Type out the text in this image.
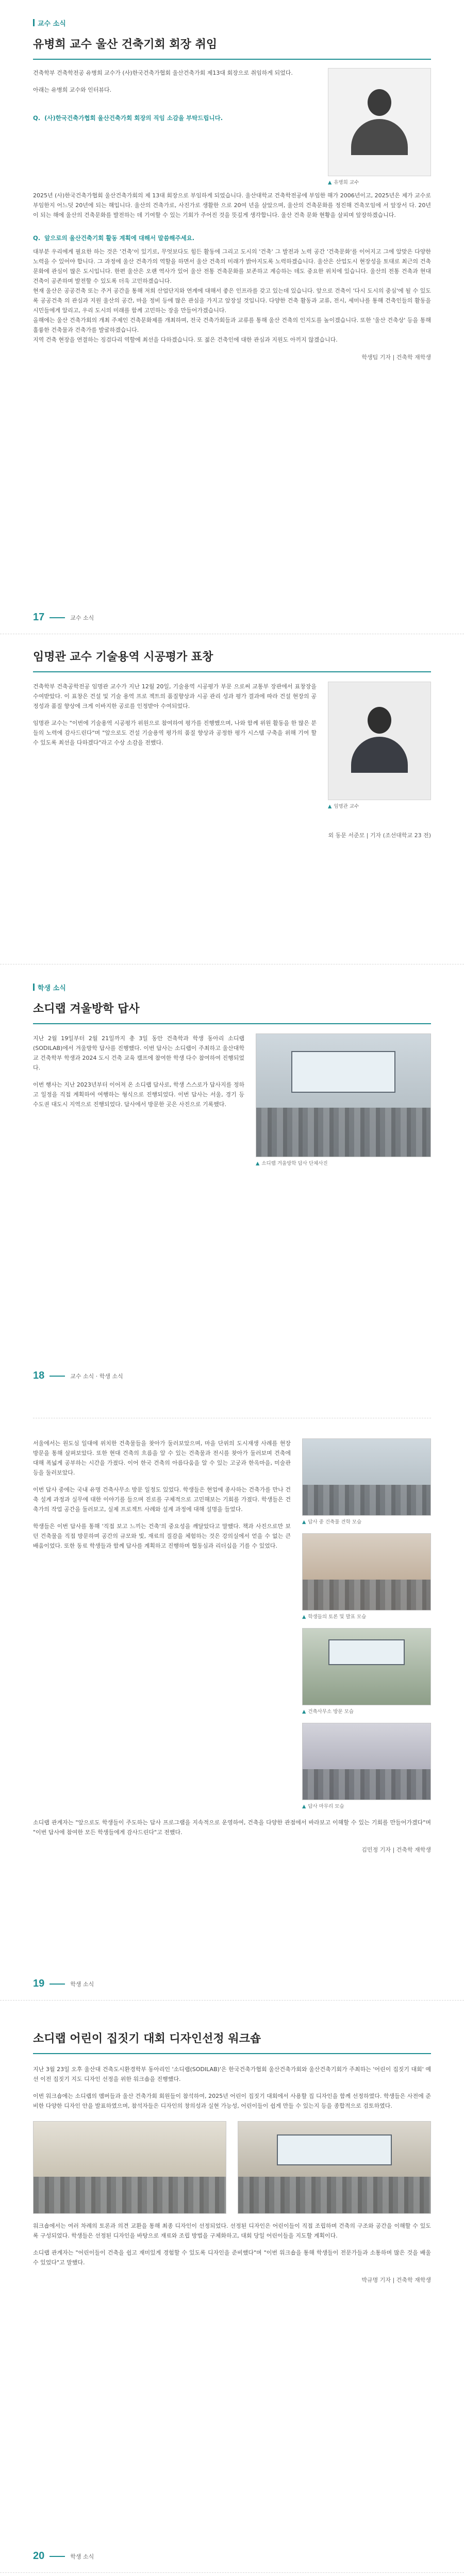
교수 소식
유병희 교수 울산 건축기회 회장 취임
건축학부 건축학전공 유병희 교수가 (사)한국건축가협회 울산건축가회 제13대 회장으로 취임하게 되었다.
아래는 유병희 교수와 인터뷰다.
Q. (사)한국건축가협회 울산건축가회 회장의 직임 소감을 부탁드립니다.
▲ 유병희 교수
2025년 (사)한국건축가협회 울산건축가회의 제 13대 회장으로 부임하게 되었습니다. 울산대학교 건축학전공에 부임한 해가 2006년이고, 2025년은 제가 교수로 부임한지 어느덧 20년에 되는 해입니다. 울산의 건축가로, 사진가로 생활한 으로 20여 년을 살았으며, 울산의 건축문화를 정진해 건축모임에 서 앞장서 다. 20년이 되는 해에 울산의 건축문화를 발전하는 데 기여할 수 있는 기회가 주어진 것을 뜻깊게 생각합니다. 울산 건축 문화 현황을 살피며 앞장하겠습니다.
Q. 앞으로의 울산건축기회 활동 계획에 대해서 말씀해주세요.
대부분 우리에게 필요한 하는 것은 '건축'이 있기로, 무엇보다도 힘든 활동에 그리고 도시의 '건축' 그 발전과 노력 공간 '건축문화'를 이어지고 그에 알맞은 다양한 노력을 수 있어야 합니다. 그 과정에 울산 건축가의 역할을 하면서 울산 건축의 미래가 밝아지도록 노력하겠습니다. 울산은 산업도시 현장성을 토대로 최근의 건축문화에 관심이 많은 도시입니다. 한편 울산은 오랜 역사가 있어 울산 전통 건축문화를 보존하고 계승하는 데도 중요한 위치에 있습니다. 울산의 전통 건축과 현대 건축이 공존하며 발전할 수 있도록 더욱 고민하겠습니다.
현재 울산은 공공건축 또는 주거 공간을 통해 저희 산업단지와 연계에 대해서 좋은 인프라를 갖고 있는데 있습니다. 앞으로 건축이 '다시 도시의 중심'에 될 수 있도록 공공건축 의 관심과 지원 울산의 공간, 마을 정비 등에 많은 관심을 가지고 앞장설 것입니다. 다양한 건축 활동과 교류, 전시, 세미나를 통해 건축인들의 활동을 시민들에게 알리고, 우리 도시의 미래를 함께 고민하는 장을 만들어가겠습니다.
올해에는 울산 건축가회의 개최 주제인 건축문화제를 개최하며, 전국 건축가회들과 교류를 통해 울산 건축의 인지도를 높이겠습니다. 또한 '울산 건축상' 등을 통해 훌륭한 건축물과 건축가를 발굴하겠습니다.
지역 건축 현장을 연결하는 징검다리 역할에 최선을 다하겠습니다. 또 젊은 건축인에 대한 관심과 지원도 아끼지 않겠습니다.
학생팀 기자 | 건축학 재학생
17	교수 소식
임명관 교수 기술용역 시공평가 표창
건축학부 건축공학전공 임명관 교수가 지난 12월 20일, 기술용역 시공평가 부문 으로써 교통부 장관에서 표창장을 수여받았다. 이 표창은 건설 및 기술 용역 프로 젝트의 품질향상과 시공 관리 성과 평가 결과에 따라 건설 현장의 공정성과 품질 향상에 크게 이바지한 공로를 인정받아 수여되었다.
임명관 교수는 "이번에 기술용역 시공평가 위원으로 참여하여 평가를 진행했으며, 나와 함께 위원 활동을 한 많은 분들의 노력에 감사드린다"며 "앞으로도 건설 기술용역 평가의 품질 향상과 공정한 평가 시스템 구축을 위해 기여 할 수 있도록 최선을 다하겠다"라고 수상 소감을 전했다.
▲ 임명관 교수
외 동문 서준모 | 기자 (조선대학교 23 전)
학생 소식
소디랩 겨울방학 답사
지난 2월 19일부터 2월 21일까지 총 3일 동안 건축학과 학생 동아리 소디랩(SODILAB)에서 겨울방학 답사를 진행했다. 이번 답사는 소디랩이 주최하고 울산대학교 건축학부 학생과 2024 도시 건축 교육 캠프에 참여한 학생 다수 참여하여 진행되었다.
이번 행사는 지난 2023년부터 이어져 온 소디랩 답사로, 학생 스스로가 답사지를 정하고 일정을 직접 계획하여 여행하는 형식으로 진행되었다. 이번 답사는 서울, 경기 등 수도권 대도시 지역으로 진행되었다. 답사에서 방문한 곳은 사진으로 기록했다.
▲ 소디랩 겨울방학 답사 단체사진
18	교수 소식 · 학생 소식
서울에서는 원도심 일대에 위치한 건축물들을 찾아가 둘러보았으며, 마을 단위의 도시재생 사례를 현장 방문을 통해 살펴보았다. 또한 현대 건축의 흐름을 알 수 있는 건축물과 전시를 찾아가 둘러보며 건축에 대해 폭넓게 공부하는 시간을 가졌다. 이어 한국 건축의 아름다움을 알 수 있는 고궁과 한옥마을, 미술관 등을 둘러보았다.
이번 답사 중에는 국내 유명 건축사무소 방문 일정도 있었다. 학생들은 현업에 종사하는 건축가를 만나 건축 설계 과정과 실무에 대한 이야기를 들으며 진로를 구체적으로 고민해보는 기회를 가졌다. 학생들은 건축가의 작업 공간을 둘러보고, 실제 프로젝트 사례와 설계 과정에 대해 설명을 들었다.
학생들은 이번 답사를 통해 '직접 보고 느끼는 건축'의 중요성을 깨달았다고 말했다. 책과 사진으로만 보던 건축물을 직접 방문하며 공간의 규모와 빛, 재료의 질감을 체험하는 것은 강의실에서 얻을 수 없는 큰 배움이었다. 또한 동료 학생들과 함께 답사를 계획하고 진행하며 협동심과 리더십을 기를 수 있었다.
▲ 답사 중 건축물 견학 모습
▲ 학생들의 토론 및 발표 모습
▲ 건축사무소 방문 모습
▲ 답사 마무리 모습
소디랩 관계자는 "앞으로도 학생들이 주도하는 답사 프로그램을 지속적으로 운영하여, 건축을 다양한 관점에서 바라보고 이해할 수 있는 기회를 만들어가겠다"며 "이번 답사에 참여한 모든 학생들에게 감사드린다"고 전했다.
김민정 기자 | 건축학 재학생
19	학생 소식
소디랩 어린이 집짓기 대회 디자인선정 워크숍
지난 3월 23일 오후 울산대 건축도시환경학부 동아리인 '소디랩(SODILAB)'은 한국건축가협회 울산건축가회와 울산건축기회가 주최하는 '어린이 집짓기 대회' 예선 이전 집짓기 지도 디자인 선정을 위한 워크숍을 진행했다.
이번 워크숍에는 소디랩의 멤버들과 울산 건축가회 회원들이 참석하여, 2025년 어린이 집짓기 대회에서 사용할 집 디자인을 함께 선정하였다. 학생들은 사전에 준비한 다양한 디자인 안을 발표하였으며, 참석자들은 디자인의 창의성과 실현 가능성, 어린이들이 쉽게 만들 수 있는지 등을 종합적으로 검토하였다.
워크숍에서는 여러 차례의 토론과 의견 교환을 통해 최종 디자인이 선정되었다. 선정된 디자인은 어린이들이 직접 조립하며 건축의 구조와 공간을 이해할 수 있도록 구성되었다. 학생들은 선정된 디자인을 바탕으로 재료와 조립 방법을 구체화하고, 대회 당일 어린이들을 지도할 계획이다.
소디랩 관계자는 "어린이들이 건축을 쉽고 재미있게 경험할 수 있도록 디자인을 준비했다"며 "이번 워크숍을 통해 학생들이 전문가들과 소통하며 많은 것을 배울 수 있었다"고 말했다.
박규명 기자 | 건축학 재학생
20	학생 소식
